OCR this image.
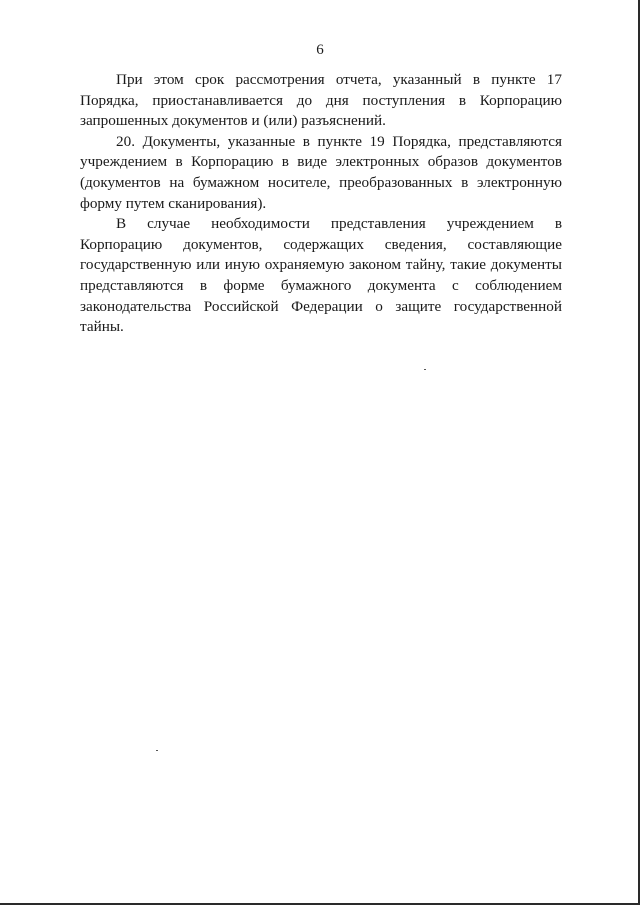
6

При этом срок рассмотрения отчета, указанный в пункте 17 Порядка, приостанавливается до дня поступления в Корпорацию запрошенных документов и (или) разъяснений.

20. Документы, указанные в пункте 19 Порядка, представляются учреждением в Корпорацию в виде электронных образов документов (документов на бумажном носителе, преобразованных в электронную форму путем сканирования).

В случае необходимости представления учреждением в Корпорацию документов, содержащих сведения, составляющие государственную или иную охраняемую законом тайну, такие документы представляются в форме бумажного документа с соблюдением законодательства Российской Федерации о защите государственной тайны.
